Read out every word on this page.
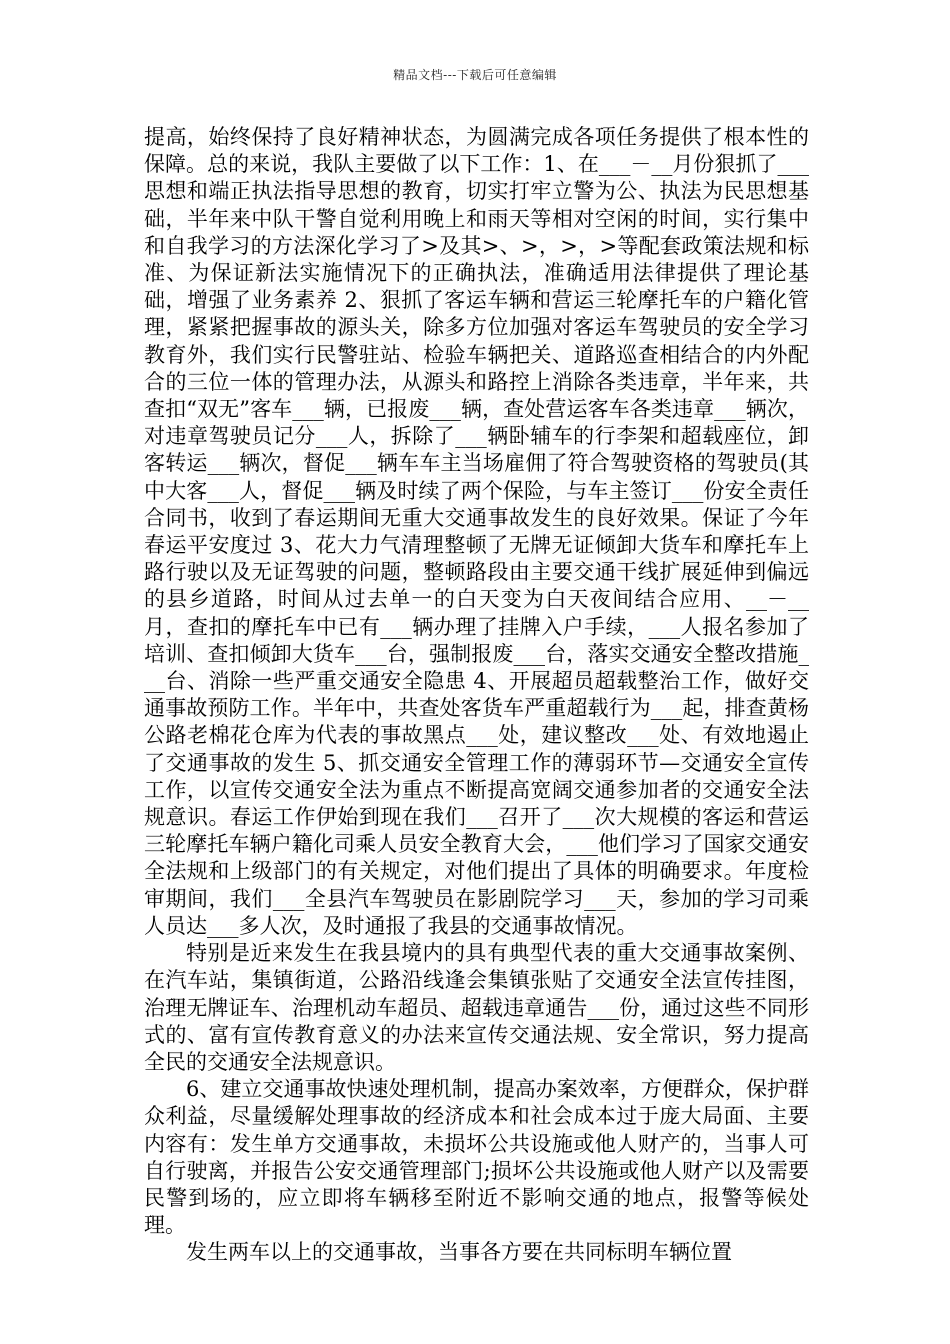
精品文档---下载后可任意编辑

提高，始终保持了良好精神状态，为圆满完成各项任务提供了根本性的保障。总的来说，我队主要做了以下工作：1、在___－__月份狠抓了___思想和端正执法指导思想的教育，切实打牢立警为公、执法为民思想基础，半年来中队干警自觉利用晚上和雨天等相对空闲的时间，实行集中和自我学习的方法深化学习了>及其>、>，>，>等配套政策法规和标准、为保证新法实施情况下的正确执法，准确适用法律提供了理论基础，增强了业务素养 2、狠抓了客运车辆和营运三轮摩托车的户籍化管理，紧紧把握事故的源头关，除多方位加强对客运车驾驶员的安全学习教育外，我们实行民警驻站、检验车辆把关、道路巡查相结合的内外配合的三位一体的管理办法，从源头和路控上消除各类违章，半年来，共查扣“双无”客车___辆，已报废___辆，查处营运客车各类违章___辆次，对违章驾驶员记分___人，拆除了___辆卧辅车的行李架和超载座位，卸客转运___辆次，督促___辆车车主当场雇佣了符合驾驶资格的驾驶员(其中大客___人，督促___辆及时续了两个保险，与车主签订___份安全责任合同书，收到了春运期间无重大交通事故发生的良好效果。保证了今年春运平安度过 3、花大力气清理整顿了无牌无证倾卸大货车和摩托车上路行驶以及无证驾驶的问题，整顿路段由主要交通干线扩展延伸到偏远的县乡道路，时间从过去单一的白天变为白天夜间结合应用、__－__月，查扣的摩托车中已有___辆办理了挂牌入户手续，___人报名参加了培训、查扣倾卸大货车___台，强制报废___台，落实交通安全整改措施___台、消除一些严重交通安全隐患 4、开展超员超载整治工作，做好交通事故预防工作。半年中，共查处客货车严重超载行为___起，排查黄杨公路老棉花仓库为代表的事故黑点___处，建议整改___处、有效地遏止了交通事故的发生 5、抓交通安全管理工作的薄弱环节—交通安全宣传工作，以宣传交通安全法为重点不断提高宽阔交通参加者的交通安全法规意识。春运工作伊始到现在我们___召开了___次大规模的客运和营运三轮摩托车辆户籍化司乘人员安全教育大会，___他们学习了国家交通安全法规和上级部门的有关规定，对他们提出了具体的明确要求。年度检审期间，我们___全县汽车驾驶员在影剧院学习___天，参加的学习司乘人员达___多人次，及时通报了我县的交通事故情况。

特别是近来发生在我县境内的具有典型代表的重大交通事故案例、在汽车站，集镇街道，公路沿线逢会集镇张贴了交通安全法宣传挂图，治理无牌证车、治理机动车超员、超载违章通告___份，通过这些不同形式的、富有宣传教育意义的办法来宣传交通法规、安全常识，努力提高全民的交通安全法规意识。

6、建立交通事故快速处理机制，提高办案效率，方便群众，保护群众利益，尽量缓解处理事故的经济成本和社会成本过于庞大局面、主要内容有：发生单方交通事故，未损坏公共设施或他人财产的，当事人可自行驶离，并报告公安交通管理部门;损坏公共设施或他人财产以及需要民警到场的，应立即将车辆移至附近不影响交通的地点，报警等候处理。

发生两车以上的交通事故，当事各方要在共同标明车辆位置
